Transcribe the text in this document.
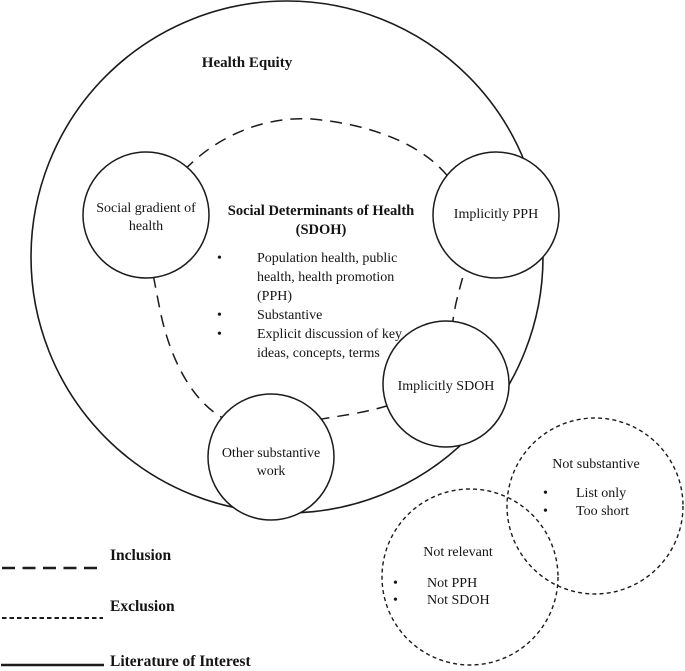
Health Equity
Social gradient of health
Implicitly PPH
Implicitly SDOH
Other substantive work
Social Determinants of Health
(SDOH)
•
Population health, public health, health promotion (PPH)
•
Substantive
•
Explicit discussion of key ideas, concepts, terms
Not substantive
•
List only
•
Too short
Not relevant
•
Not PPH
•
Not SDOH
Inclusion
Exclusion
Literature of Interest
